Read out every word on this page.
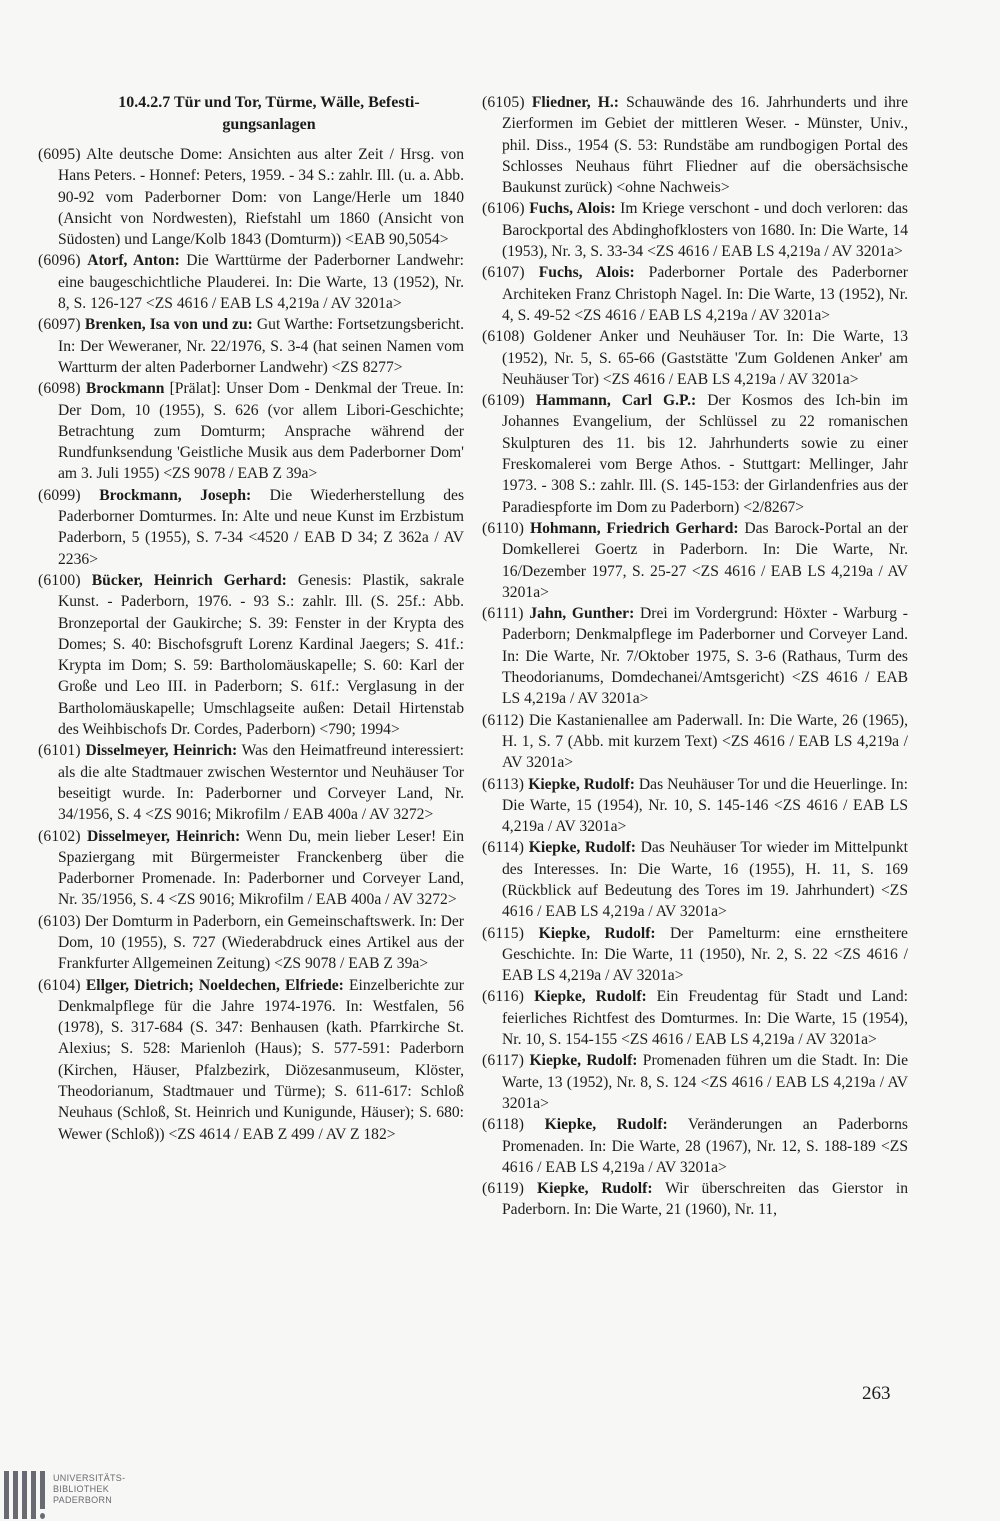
10.4.2.7 Tür und Tor, Türme, Wälle, Befesti-
gungsanlagen

(6095) Alte deutsche Dome: Ansichten aus alter Zeit / Hrsg. von Hans Peters. - Honnef: Peters, 1959. - 34 S.: zahlr. Ill. (u. a. Abb. 90-92 vom Paderborner Dom: von Lange/Herle um 1840 (Ansicht von Nordwesten), Riefstahl um 1860 (Ansicht von Südosten) und Lange/Kolb 1843 (Domturm)) <EAB 90,5054>

(6096) Atorf, Anton: Die Warttürme der Paderborner Landwehr: eine baugeschichtliche Plauderei. In: Die Warte, 13 (1952), Nr. 8, S. 126-127 <ZS 4616 / EAB LS 4,219a / AV 3201a>

(6097) Brenken, Isa von und zu: Gut Warthe: Fortsetzungsbericht. In: Der Weweraner, Nr. 22/1976, S. 3-4 (hat seinen Namen vom Wartturm der alten Paderborner Landwehr) <ZS 8277>

(6098) Brockmann [Prälat]: Unser Dom - Denkmal der Treue. In: Der Dom, 10 (1955), S. 626 (vor allem Libori-Geschichte; Betrachtung zum Domturm; Ansprache während der Rundfunksendung 'Geistliche Musik aus dem Paderborner Dom' am 3. Juli 1955) <ZS 9078 / EAB Z 39a>

(6099) Brockmann, Joseph: Die Wiederherstellung des Paderborner Domturmes. In: Alte und neue Kunst im Erzbistum Paderborn, 5 (1955), S. 7-34 <4520 / EAB D 34; Z 362a / AV 2236>

(6100) Bücker, Heinrich Gerhard: Genesis: Plastik, sakrale Kunst. - Paderborn, 1976. - 93 S.: zahlr. Ill. (S. 25f.: Abb. Bronzeportal der Gaukirche; S. 39: Fenster in der Krypta des Domes; S. 40: Bischofsgruft Lorenz Kardinal Jaegers; S. 41f.: Krypta im Dom; S. 59: Bartholomäuskapelle; S. 60: Karl der Große und Leo III. in Paderborn; S. 61f.: Verglasung in der Bartholomäuskapelle; Umschlagseite außen: Detail Hirtenstab des Weihbischofs Dr. Cordes, Paderborn) <790; 1994>

(6101) Disselmeyer, Heinrich: Was den Heimatfreund interessiert: als die alte Stadtmauer zwischen Westerntor und Neuhäuser Tor beseitigt wurde. In: Paderborner und Corveyer Land, Nr. 34/1956, S. 4 <ZS 9016; Mikrofilm / EAB 400a / AV 3272>

(6102) Disselmeyer, Heinrich: Wenn Du, mein lieber Leser! Ein Spaziergang mit Bürgermeister Franckenberg über die Paderborner Promenade. In: Paderborner und Corveyer Land, Nr. 35/1956, S. 4 <ZS 9016; Mikrofilm / EAB 400a / AV 3272>

(6103) Der Domturm in Paderborn, ein Gemeinschaftswerk. In: Der Dom, 10 (1955), S. 727 (Wiederabdruck eines Artikel aus der Frankfurter Allgemeinen Zeitung) <ZS 9078 / EAB Z 39a>

(6104) Ellger, Dietrich; Noeldechen, Elfriede: Einzelberichte zur Denkmalpflege für die Jahre 1974-1976. In: Westfalen, 56 (1978), S. 317-684 (S. 347: Benhausen (kath. Pfarrkirche St. Alexius; S. 528: Marienloh (Haus); S. 577-591: Paderborn (Kirchen, Häuser, Pfalzbezirk, Diözesanmuseum, Klöster, Theodorianum, Stadtmauer und Türme); S. 611-617: Schloß Neuhaus (Schloß, St. Heinrich und Kunigunde, Häuser); S. 680: Wewer (Schloß)) <ZS 4614 / EAB Z 499 / AV Z 182>

(6105) Fliedner, H.: Schauwände des 16. Jahrhunderts und ihre Zierformen im Gebiet der mittleren Weser. - Münster, Univ., phil. Diss., 1954 (S. 53: Rundstäbe am rundbogigen Portal des Schlosses Neuhaus führt Fliedner auf die obersächsische Baukunst zurück) <ohne Nachweis>

(6106) Fuchs, Alois: Im Kriege verschont - und doch verloren: das Barockportal des Abdinghofklosters von 1680. In: Die Warte, 14 (1953), Nr. 3, S. 33-34 <ZS 4616 / EAB LS 4,219a / AV 3201a>

(6107) Fuchs, Alois: Paderborner Portale des Paderborner Architeken Franz Christoph Nagel. In: Die Warte, 13 (1952), Nr. 4, S. 49-52 <ZS 4616 / EAB LS 4,219a / AV 3201a>

(6108) Goldener Anker und Neuhäuser Tor. In: Die Warte, 13 (1952), Nr. 5, S. 65-66 (Gaststätte 'Zum Goldenen Anker' am Neuhäuser Tor) <ZS 4616 / EAB LS 4,219a / AV 3201a>

(6109) Hammann, Carl G.P.: Der Kosmos des Ich-bin im Johannes Evangelium, der Schlüssel zu 22 romanischen Skulpturen des 11. bis 12. Jahrhunderts sowie zu einer Freskomalerei vom Berge Athos. - Stuttgart: Mellinger, Jahr 1973. - 308 S.: zahlr. Ill. (S. 145-153: der Girlandenfries aus der Paradiespforte im Dom zu Paderborn) <2/8267>

(6110) Hohmann, Friedrich Gerhard: Das Barock-Portal an der Domkellerei Goertz in Paderborn. In: Die Warte, Nr. 16/Dezember 1977, S. 25-27 <ZS 4616 / EAB LS 4,219a / AV 3201a>

(6111) Jahn, Gunther: Drei im Vordergrund: Höxter - Warburg - Paderborn; Denkmalpflege im Paderborner und Corveyer Land. In: Die Warte, Nr. 7/Oktober 1975, S. 3-6 (Rathaus, Turm des Theodorianums, Domdechanei/Amtsgericht) <ZS 4616 / EAB LS 4,219a / AV 3201a>

(6112) Die Kastanienallee am Paderwall. In: Die Warte, 26 (1965), H. 1, S. 7 (Abb. mit kurzem Text) <ZS 4616 / EAB LS 4,219a / AV 3201a>

(6113) Kiepke, Rudolf: Das Neuhäuser Tor und die Heuerlinge. In: Die Warte, 15 (1954), Nr. 10, S. 145-146 <ZS 4616 / EAB LS 4,219a / AV 3201a>

(6114) Kiepke, Rudolf: Das Neuhäuser Tor wieder im Mittelpunkt des Interesses. In: Die Warte, 16 (1955), H. 11, S. 169 (Rückblick auf Bedeutung des Tores im 19. Jahrhundert) <ZS 4616 / EAB LS 4,219a / AV 3201a>

(6115) Kiepke, Rudolf: Der Pamelturm: eine ernstheitere Geschichte. In: Die Warte, 11 (1950), Nr. 2, S. 22 <ZS 4616 / EAB LS 4,219a / AV 3201a>

(6116) Kiepke, Rudolf: Ein Freudentag für Stadt und Land: feierliches Richtfest des Domturmes. In: Die Warte, 15 (1954), Nr. 10, S. 154-155 <ZS 4616 / EAB LS 4,219a / AV 3201a>

(6117) Kiepke, Rudolf: Promenaden führen um die Stadt. In: Die Warte, 13 (1952), Nr. 8, S. 124 <ZS 4616 / EAB LS 4,219a / AV 3201a>

(6118) Kiepke, Rudolf: Veränderungen an Paderborns Promenaden. In: Die Warte, 28 (1967), Nr. 12, S. 188-189 <ZS 4616 / EAB LS 4,219a / AV 3201a>

(6119) Kiepke, Rudolf: Wir überschreiten das Gierstor in Paderborn. In: Die Warte, 21 (1960), Nr. 11,

263
UNIVERSITÄTS-
BIBLIOTHEK
PADERBORN
